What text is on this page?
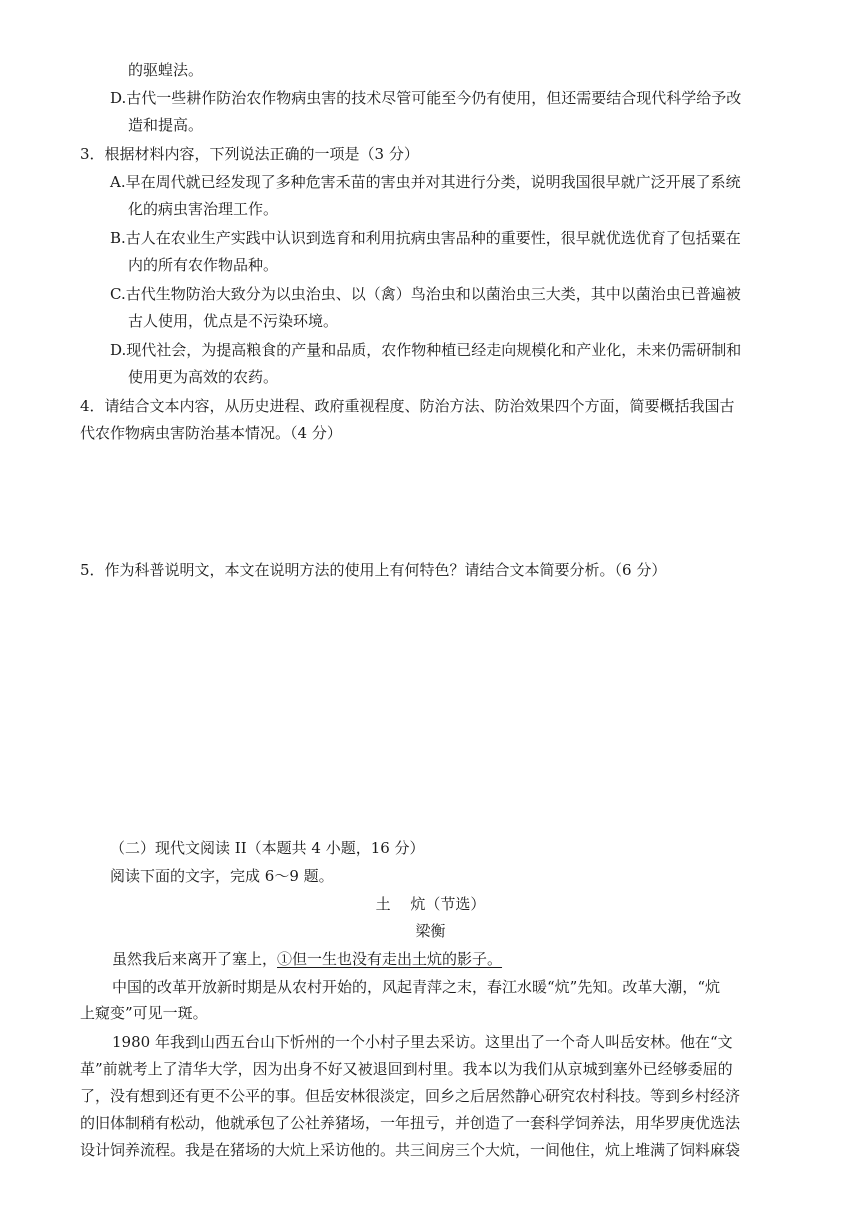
的驱蝗法。
D.古代一些耕作防治农作物病虫害的技术尽管可能至今仍有使用，但还需要结合现代科学给予改
造和提高。
3．根据材料内容，下列说法正确的一项是（3 分）
A.早在周代就已经发现了多种危害禾苗的害虫并对其进行分类，说明我国很早就广泛开展了系统
化的病虫害治理工作。
B.古人在农业生产实践中认识到选育和利用抗病虫害品种的重要性，很早就优选优育了包括粟在
内的所有农作物品种。
C.古代生物防治大致分为以虫治虫、以（禽）鸟治虫和以菌治虫三大类，其中以菌治虫已普遍被
古人使用，优点是不污染环境。
D.现代社会，为提高粮食的产量和品质，农作物种植已经走向规模化和产业化，未来仍需研制和
使用更为高效的农药。
4．请结合文本内容，从历史进程、政府重视程度、防治方法、防治效果四个方面，简要概括我国古
代农作物病虫害防治基本情况。（4 分）
5．作为科普说明文，本文在说明方法的使用上有何特色？请结合文本简要分析。（6 分）
（二）现代文阅读 II（本题共 4 小题，16 分）
阅读下面的文字，完成 6～9 题。
土　 炕（节选）
梁衡
虽然我后来离开了塞上，①但一生也没有走出土炕的影子。
中国的改革开放新时期是从农村开始的，风起青萍之末，春江水暖“炕”先知。改革大潮，“炕
上窥变”可见一斑。
1980 年我到山西五台山下忻州的一个小村子里去采访。这里出了一个奇人叫岳安林。他在“文
革”前就考上了清华大学，因为出身不好又被退回到村里。我本以为我们从京城到塞外已经够委屈的
了，没有想到还有更不公平的事。但岳安林很淡定，回乡之后居然静心研究农村科技。等到乡村经济
的旧体制稍有松动，他就承包了公社养猪场，一年扭亏，并创造了一套科学饲养法，用华罗庚优选法
设计饲养流程。我是在猪场的大炕上采访他的。共三间房三个大炕，一间他住，炕上堆满了饲料麻袋
